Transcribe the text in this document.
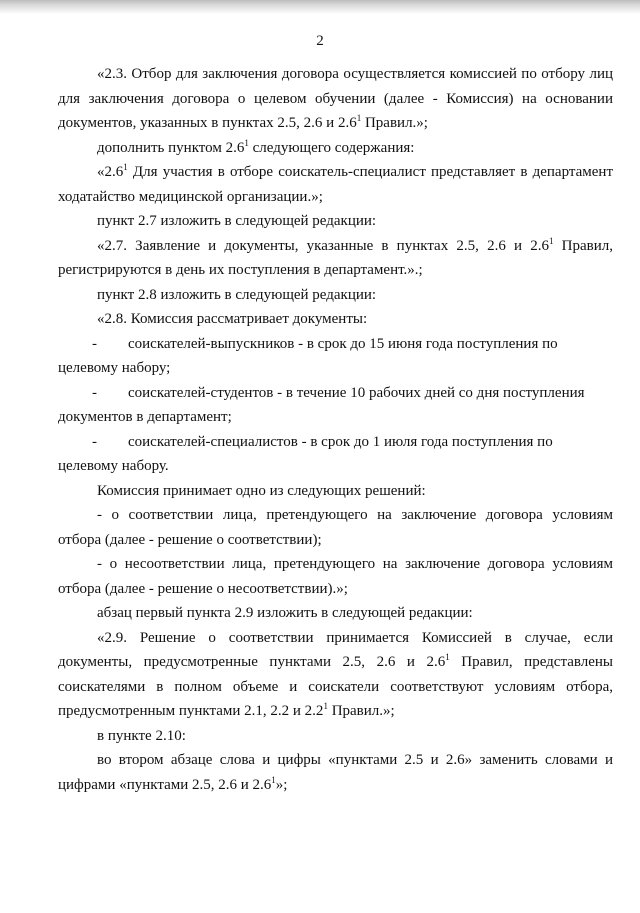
2

«2.3. Отбор для заключения договора осуществляется комиссией по отбору лиц для заключения договора о целевом обучении (далее - Комиссия) на основании документов, указанных в пунктах 2.5, 2.6 и $2.6^1$ Правил.»;

дополнить пунктом $2.6^1$ следующего содержания:

«$2.6^1$ Для участия в отборе соискатель-специалист представляет в департамент ходатайство медицинской организации.»;

пункт 2.7 изложить в следующей редакции:

«2.7. Заявление и документы, указанные в пунктах 2.5, 2.6 и $2.6^1$ Правил, регистрируются в день их поступления в департамент.».;

пункт 2.8 изложить в следующей редакции:

«2.8. Комиссия рассматривает документы:

-	соискателей-выпускников - в срок до 15 июня года поступления по

целевому набору;

-	соискателей-студентов - в течение 10 рабочих дней со дня поступления

документов в департамент;

-	соискателей-специалистов - в срок до 1 июля года поступления по

целевому набору.

Комиссия принимает одно из следующих решений:

- о соответствии лица, претендующего на заключение договора условиям отбора (далее - решение о соответствии);

- о несоответствии лица, претендующего на заключение договора условиям отбора (далее - решение о несоответствии).»;

абзац первый пункта 2.9 изложить в следующей редакции:

«2.9. Решение о соответствии принимается Комиссией в случае, если документы, предусмотренные пунктами 2.5, 2.6 и $2.6^1$ Правил, представлены соискателями в полном объеме и соискатели соответствуют условиям отбора, предусмотренным пунктами 2.1, 2.2 и $2.2^1$ Правил.»;

в пункте 2.10:

во втором абзаце слова и цифры «пунктами 2.5 и 2.6» заменить словами и цифрами «пунктами 2.5, 2.6 и $2.6^1$»;
